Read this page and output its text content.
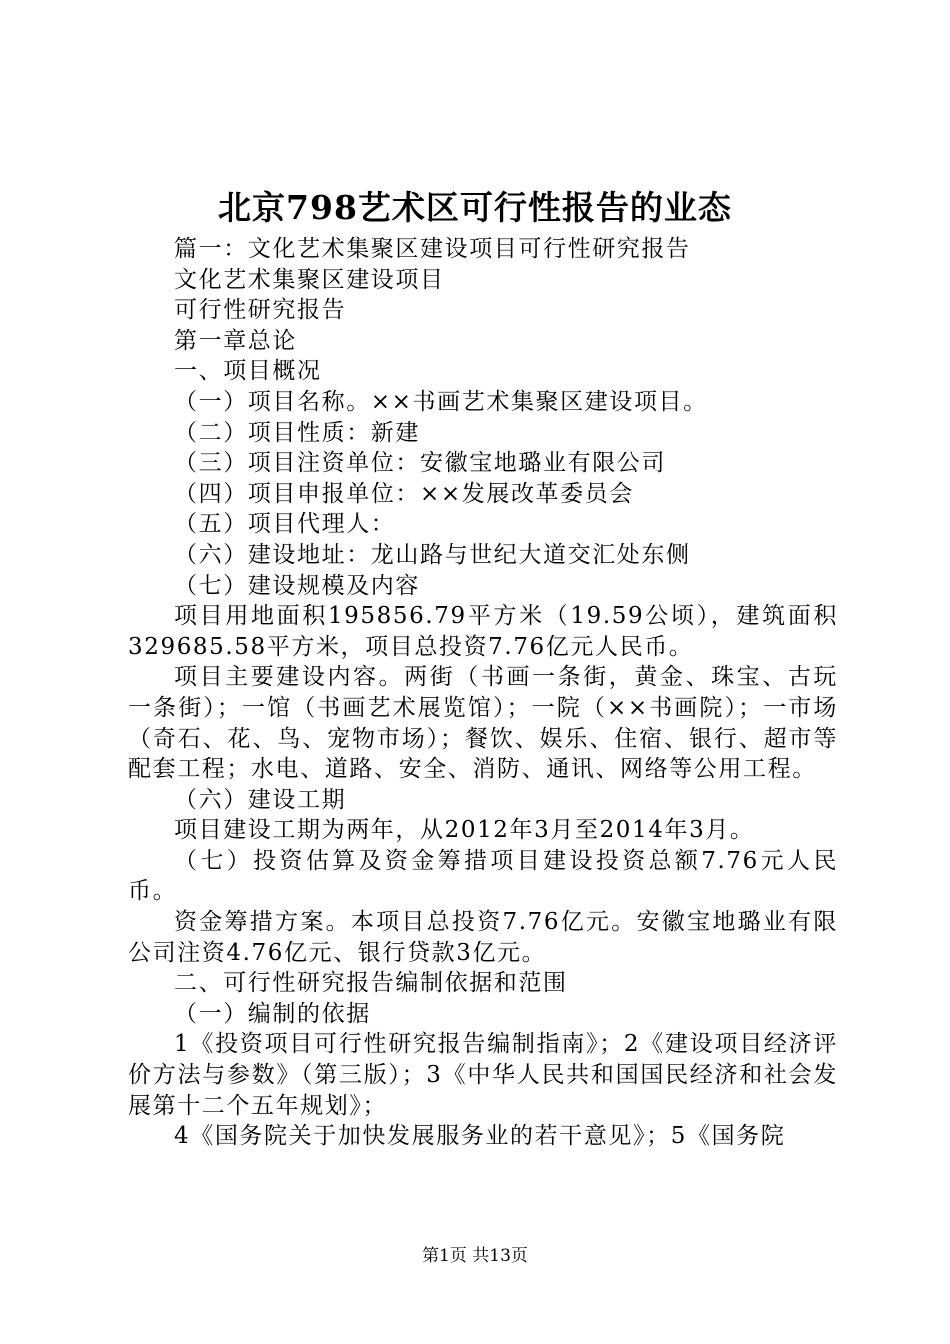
北京798艺术区可行性报告的业态

篇一：文化艺术集聚区建设项目可行性研究报告

文化艺术集聚区建设项目

可行性研究报告

第一章总论

一、项目概况

（一）项目名称。××书画艺术集聚区建设项目。

（二）项目性质：新建

（三）项目注资单位：安徽宝地璐业有限公司

（四）项目申报单位：××发展改革委员会

（五）项目代理人：

（六）建设地址：龙山路与世纪大道交汇处东侧

（七）建设规模及内容

项目用地面积195856.79平方米（19.59公顷），建筑面积329685.58平方米，项目总投资7.76亿元人民币。

项目主要建设内容。两街（书画一条街，黄金、珠宝、古玩一条街）；一馆（书画艺术展览馆）；一院（××书画院）；一市场（奇石、花、鸟、宠物市场）；餐饮、娱乐、住宿、银行、超市等配套工程；水电、道路、安全、消防、通讯、网络等公用工程。

（六）建设工期

项目建设工期为两年，从2012年3月至2014年3月。

（七）投资估算及资金筹措项目建设投资总额7.76元人民币。

资金筹措方案。本项目总投资7.76亿元。安徽宝地璐业有限公司注资4.76亿元、银行贷款3亿元。

二、可行性研究报告编制依据和范围

（一）编制的依据

1《投资项目可行性研究报告编制指南》；2《建设项目经济评价方法与参数》（第三版）；3《中华人民共和国国民经济和社会发展第十二个五年规划》；

4《国务院关于加快发展服务业的若干意见》；5《国务院

第1页 共13页
